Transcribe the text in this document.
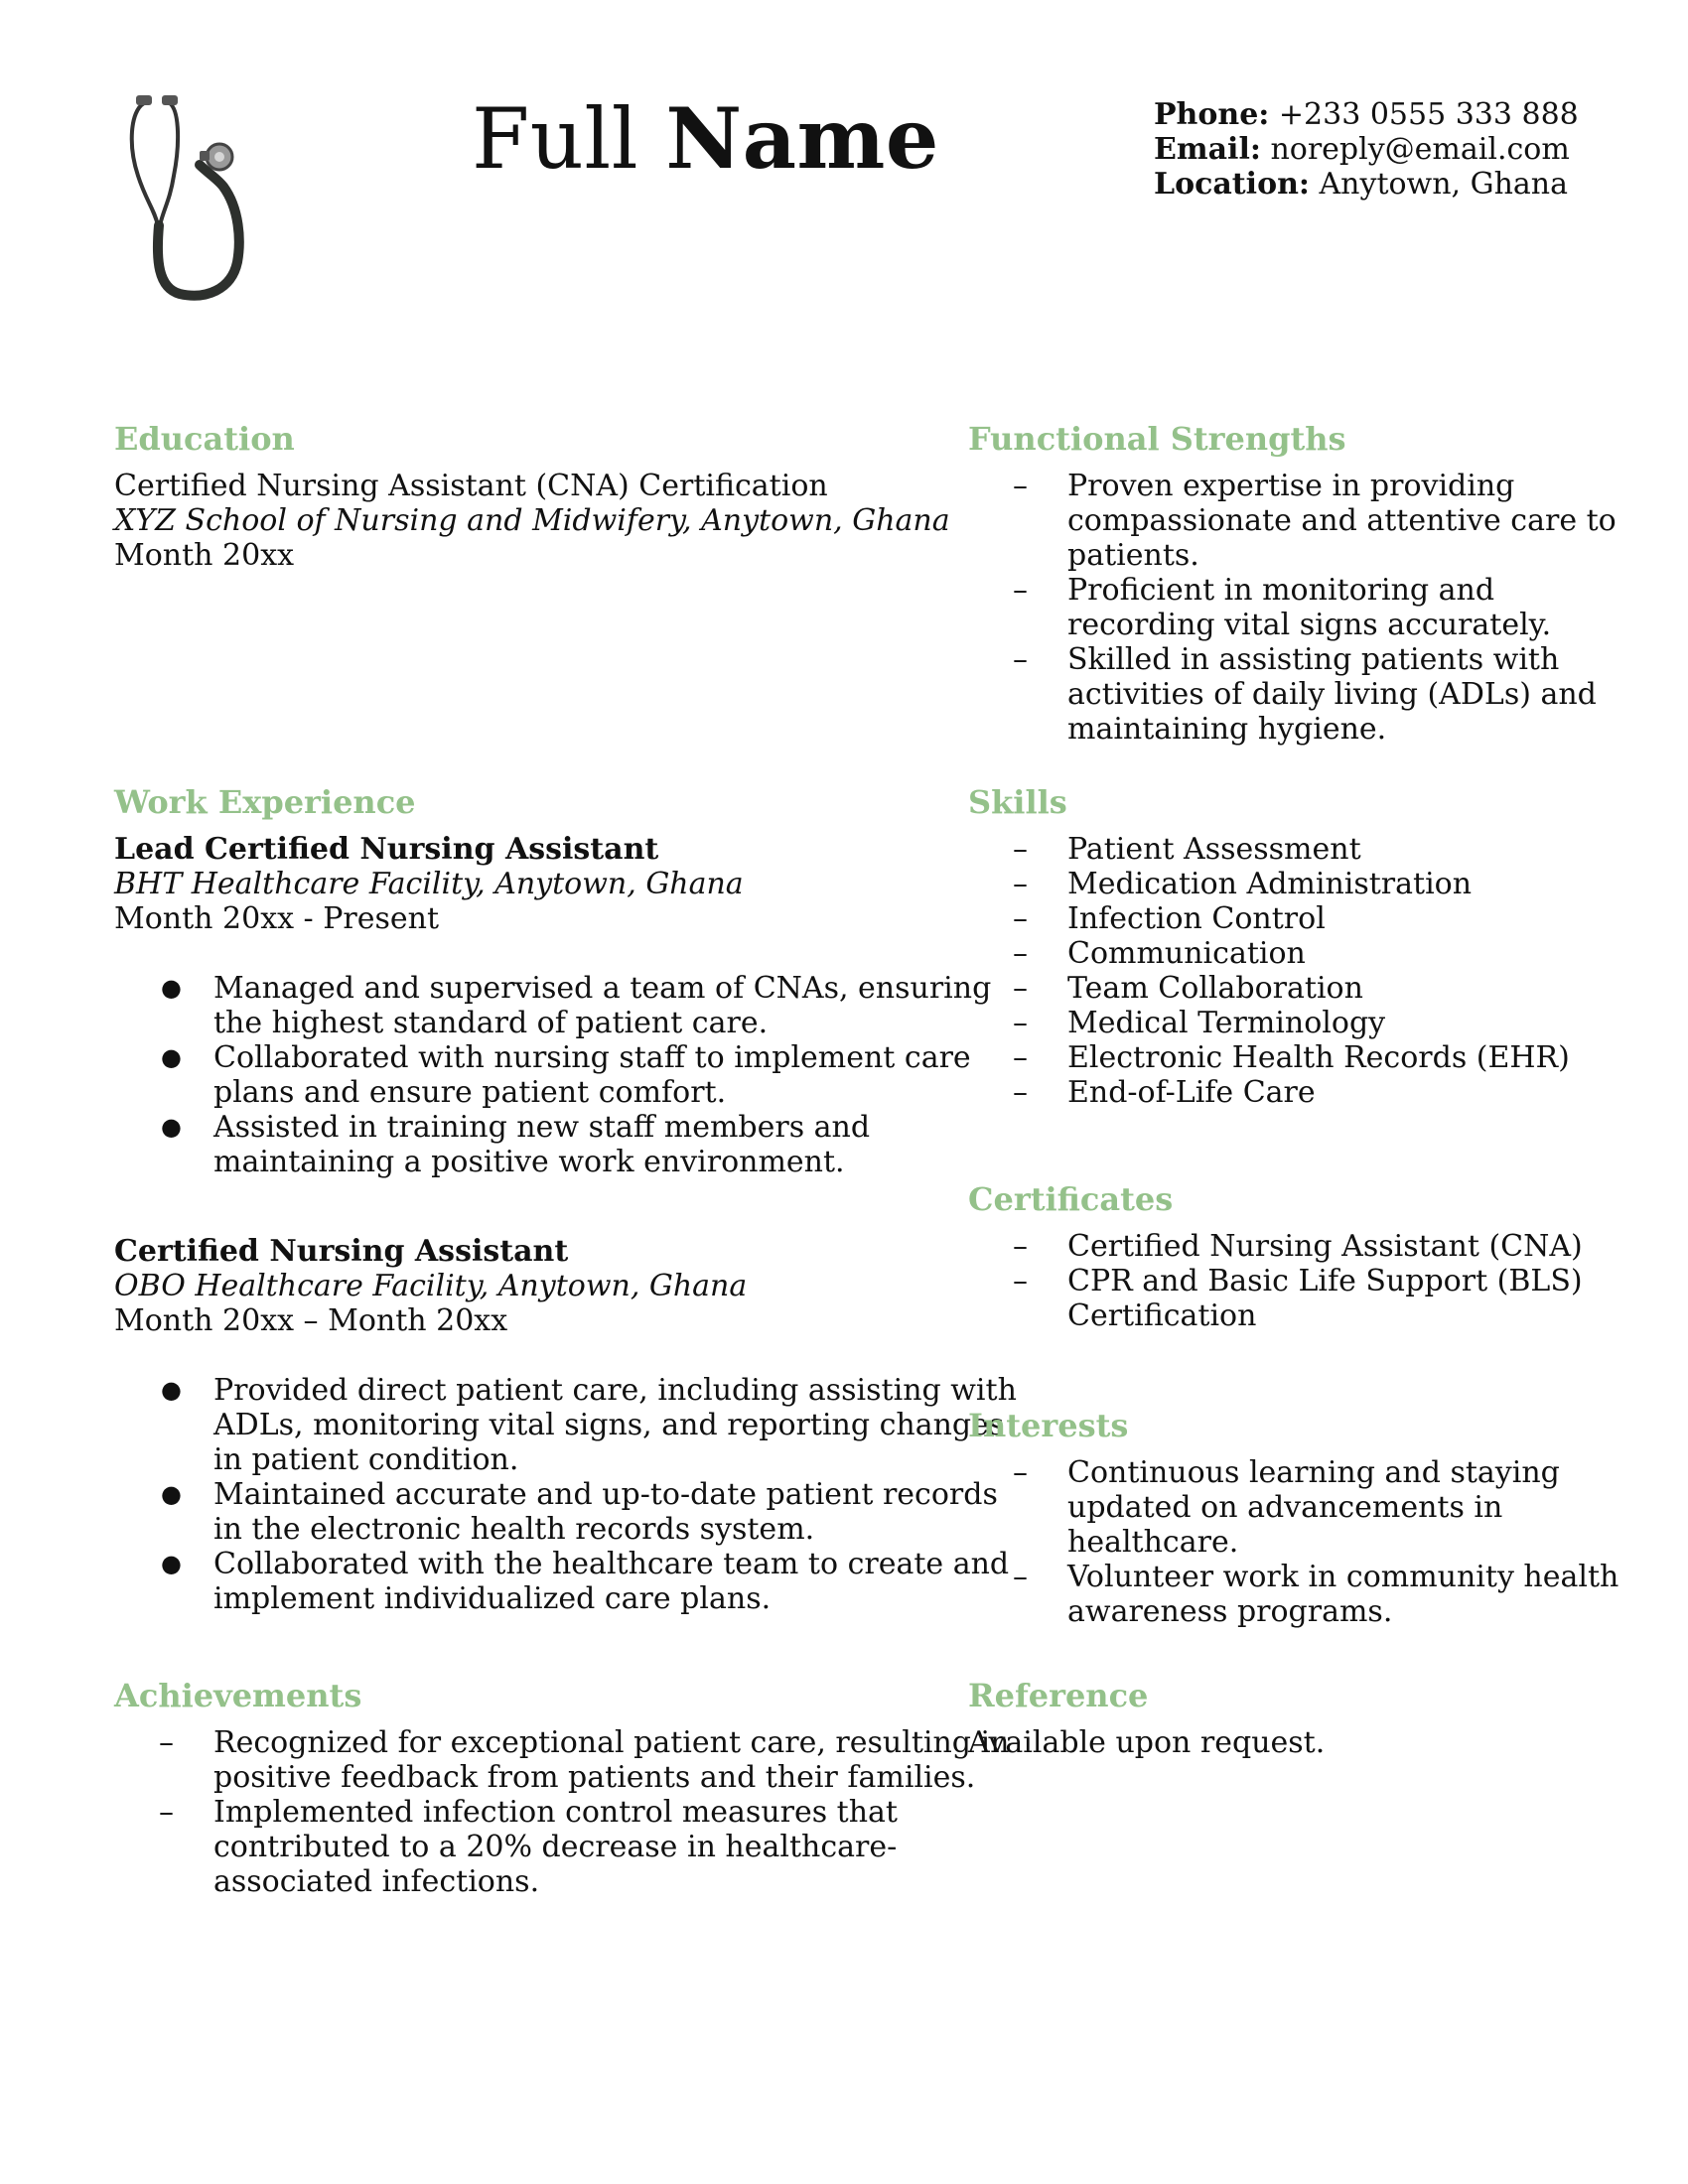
Full Name	Phone: +233 0555 333 888
Email: noreply@email.com
Location: Anytown, Ghana
Education
Certified Nursing Assistant (CNA) Certification
XYZ School of Nursing and Midwifery, Anytown, Ghana
Month 20xx
Work Experience
Lead Certified Nursing Assistant
BHT Healthcare Facility, Anytown, Ghana
Month 20xx - Present
● Managed and supervised a team of CNAs, ensuring
the highest standard of patient care.
● Collaborated with nursing staff to implement care
plans and ensure patient comfort.
● Assisted in training new staff members and
maintaining a positive work environment.
Certified Nursing Assistant
OBO Healthcare Facility, Anytown, Ghana
Month 20xx – Month 20xx
● Provided direct patient care, including assisting with
ADLs, monitoring vital signs, and reporting changes
in patient condition.
● Maintained accurate and up-to-date patient records
in the electronic health records system.
● Collaborated with the healthcare team to create and
implement individualized care plans.
Achievements
– Recognized for exceptional patient care, resulting in
positive feedback from patients and their families.
– Implemented infection control measures that
contributed to a 20% decrease in healthcare-
associated infections.
Functional Strengths
– Proven expertise in providing
compassionate and attentive care to
patients.
– Proficient in monitoring and
recording vital signs accurately.
– Skilled in assisting patients with
activities of daily living (ADLs) and
maintaining hygiene.
Skills
– Patient Assessment
– Medication Administration
– Infection Control
– Communication
– Team Collaboration
– Medical Terminology
– Electronic Health Records (EHR)
– End-of-Life Care
Certificates
– Certified Nursing Assistant (CNA)
– CPR and Basic Life Support (BLS)
Certification
Interests
– Continuous learning and staying
updated on advancements in
healthcare.
– Volunteer work in community health
awareness programs.
Reference
Available upon request.
